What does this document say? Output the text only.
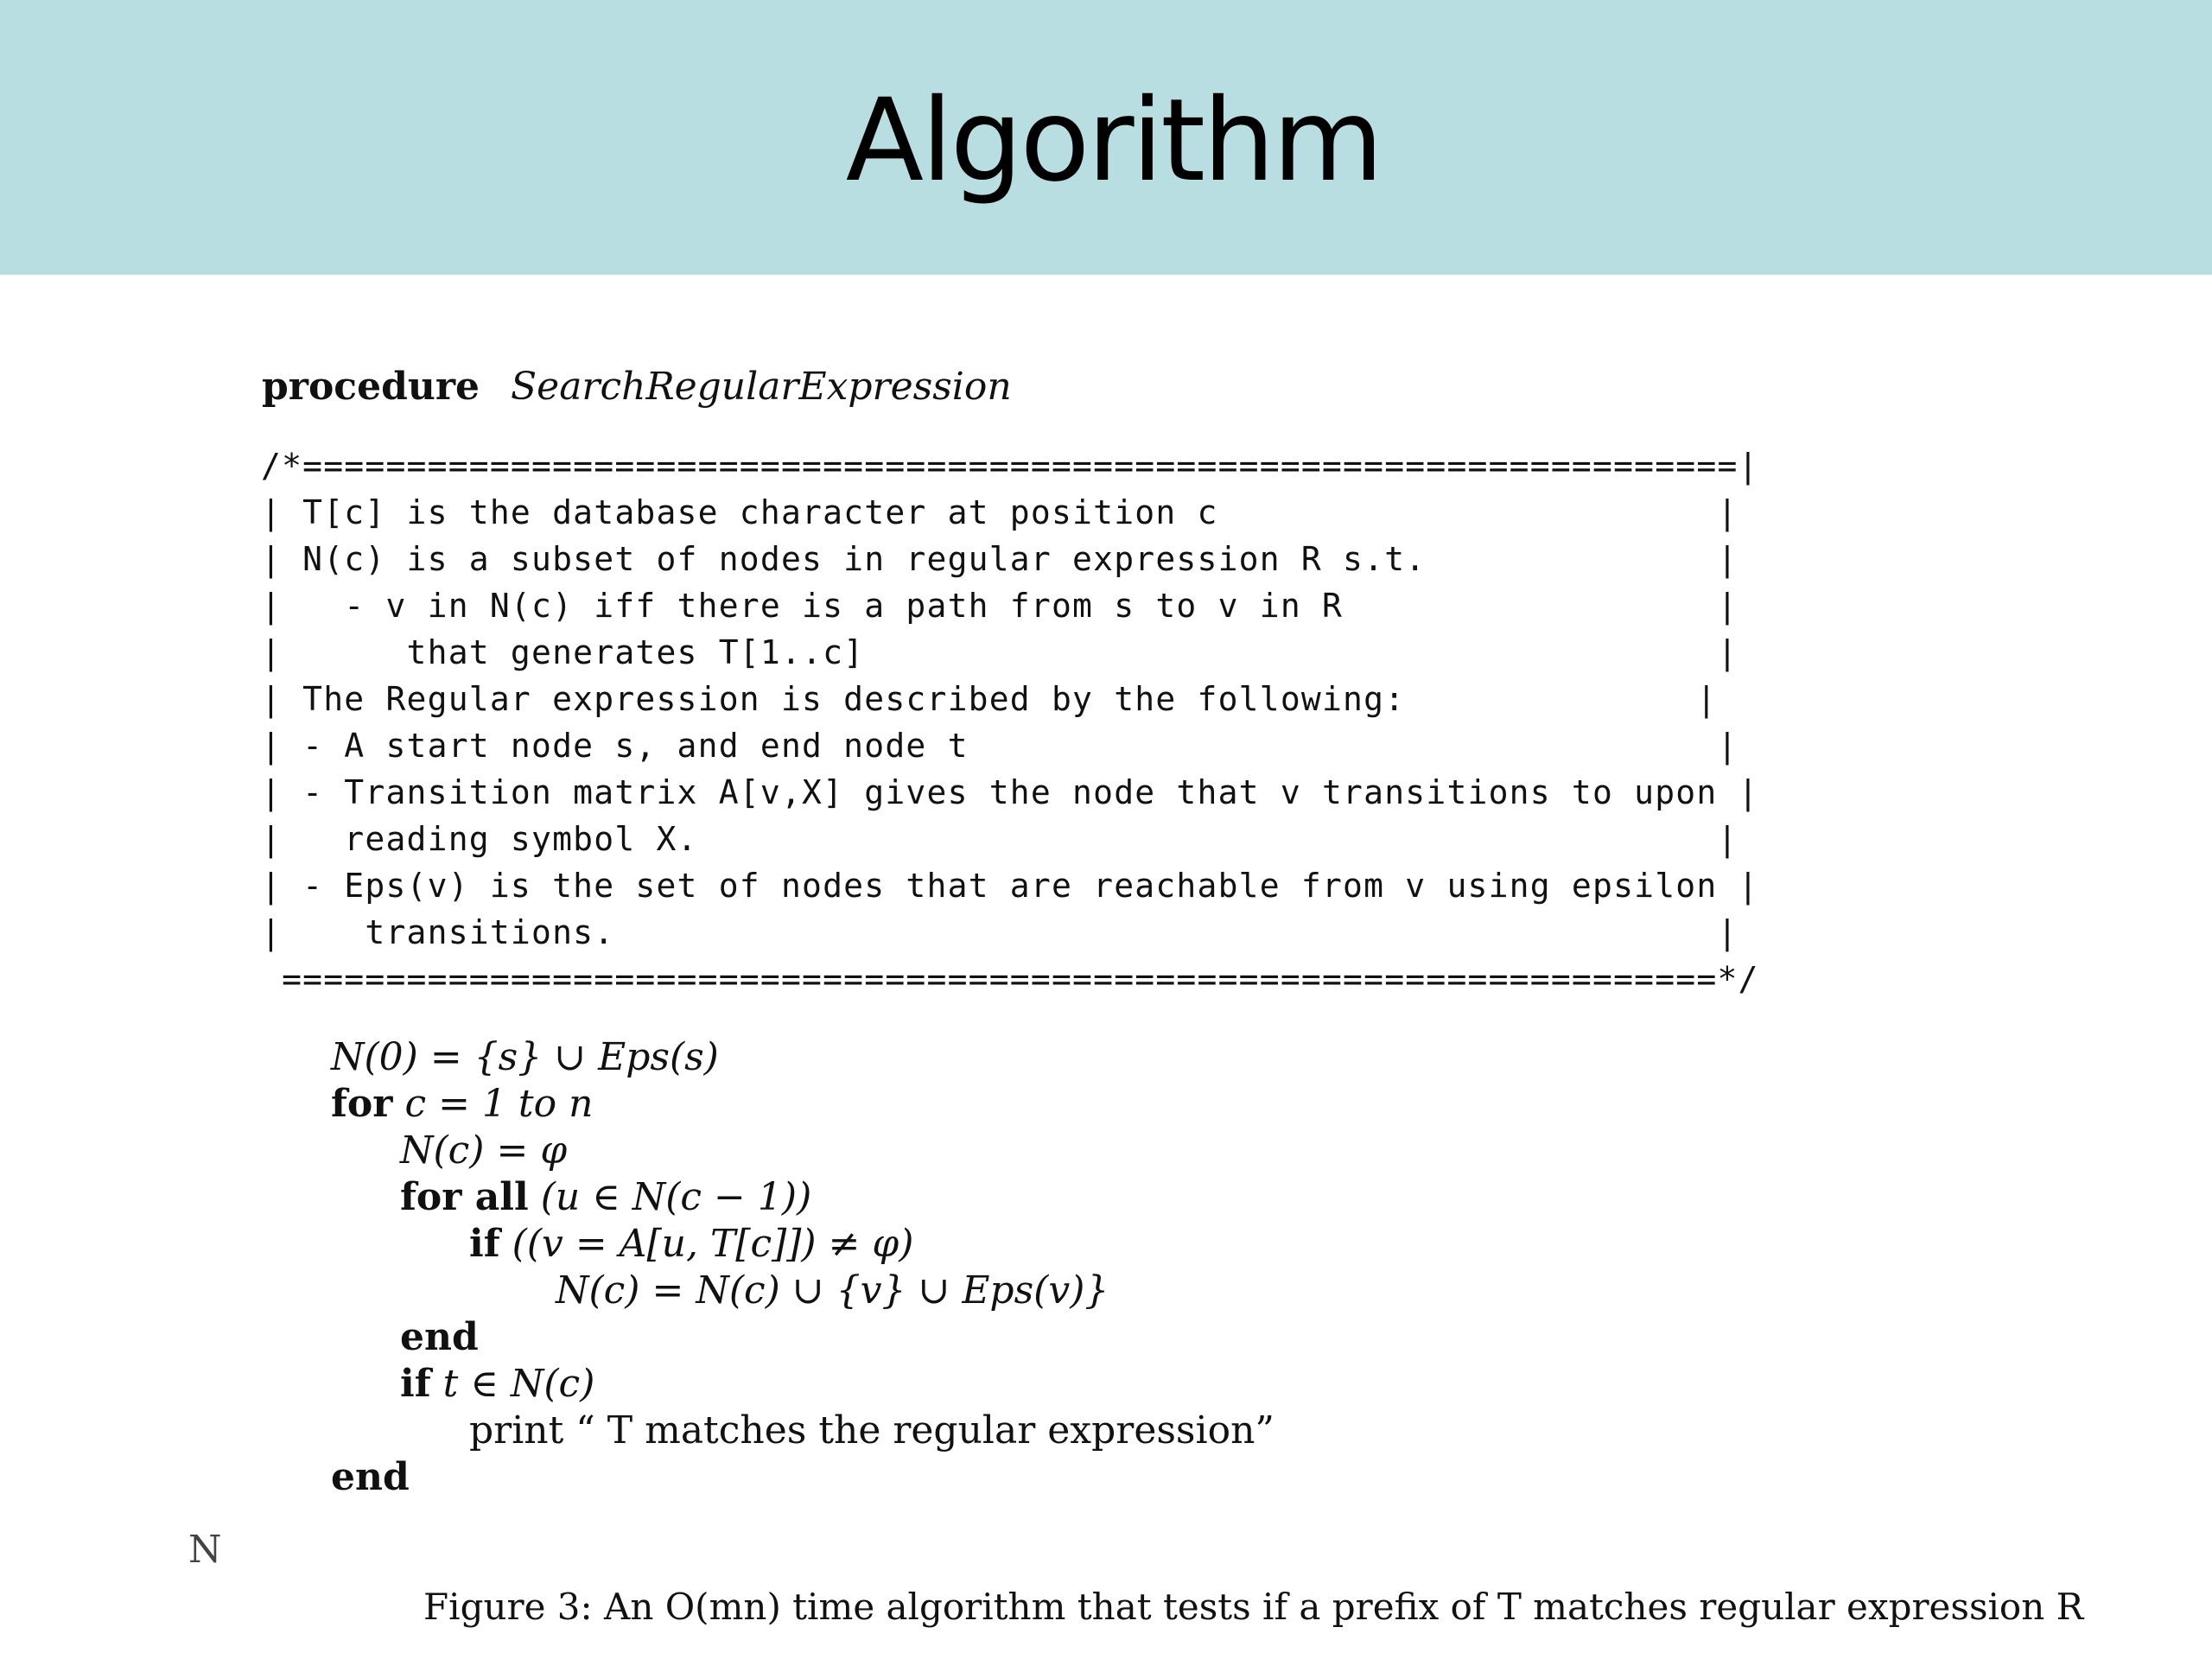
Algorithm
procedure SearchRegularExpression
/*=====================================================================|
| T[c] is the database character at position c                        |
| N(c) is a subset of nodes in regular expression R s.t.              |
|   - v in N(c) iff there is a path from s to v in R                  |
|      that generates T[1..c]                                         |
| The Regular expression is described by the following:              |
| - A start node s, and end node t                                    |
| - Transition matrix A[v,X] gives the node that v transitions to upon |
|   reading symbol X.                                                 |
| - Eps(v) is the set of nodes that are reachable from v using epsilon |
|    transitions.                                                     |
=====================================================================*/
N(0) = {s} ∪ Eps(s)
for c = 1 to n
N(c) = φ
for all (u ∈ N(c − 1))
if ((v = A[u, T[c]]) ≠ φ)
N(c) = N(c) ∪ {v} ∪ Eps(v)}
end
if t ∈ N(c)
print “ T matches the regular expression”
end
N
Figure 3: An O(mn) time algorithm that tests if a prefix of T matches regular expression R
